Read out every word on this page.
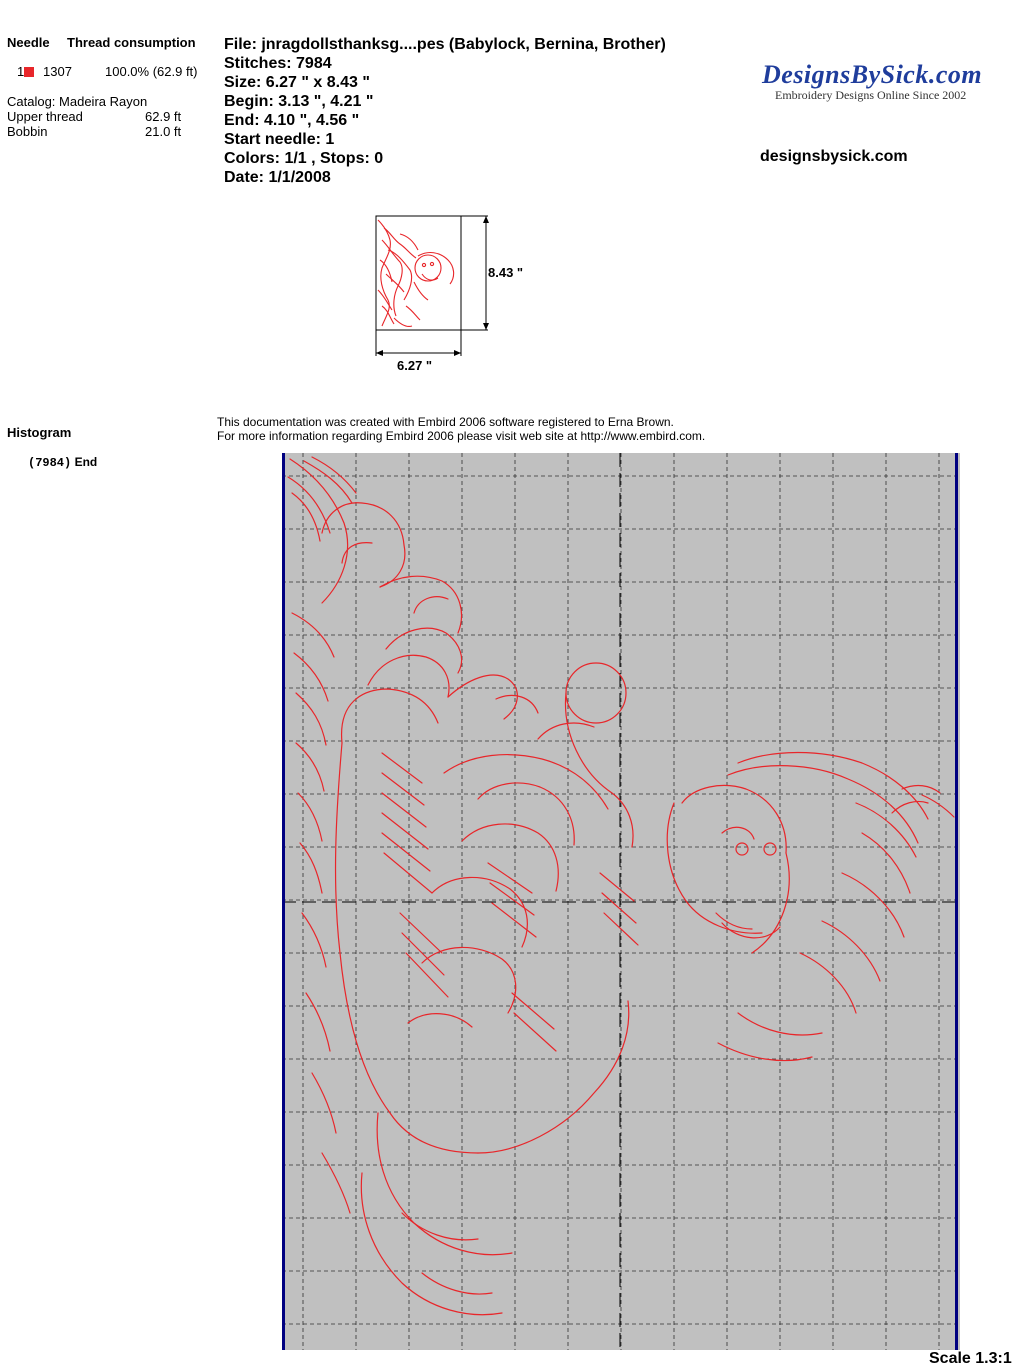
Needle Thread consumption
1	1307	100.0% (62.9 ft)
Catalog: Madeira Rayon
Upper thread	62.9 ft
Bobbin	21.0 ft
File: jnragdollsthanksg....pes (Babylock, Bernina, Brother)
Stitches: 7984
Size: 6.27 " x 8.43 "
Begin: 3.13 ", 4.21 "
End: 4.10 ", 4.56 "
Start needle: 1
Colors: 1/1 , Stops: 0
Date: 1/1/2008
DesignsBySick.com
Embroidery Designs Online Since 2002
designsbysick.com
8.43 "
6.27 "
Histogram
(7984) End
This documentation was created with Embird 2006 software registered to Erna Brown.
For more information regarding Embird 2006 please visit web site at http://www.embird.com.
Scale 1.3:1
